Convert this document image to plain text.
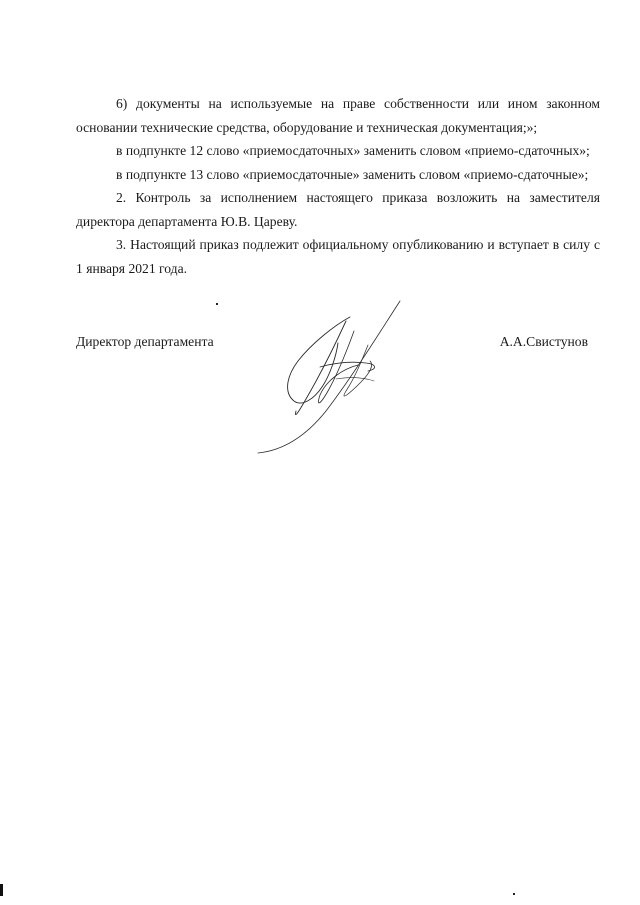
6) документы на используемые на праве собственности или ином законном основании технические средства, оборудование и техническая документация;»;

в подпункте 12 слово «приемосдаточных» заменить словом «приемо-сдаточных»;

в подпункте 13 слово «приемосдаточные» заменить словом «приемо-сдаточные»;

2. Контроль за исполнением настоящего приказа возложить на заместителя директора департамента Ю.В. Цареву.

3. Настоящий приказ подлежит официальному опубликованию и вступает в силу с 1 января 2021 года.

Директор департамента	А.А.Свистунов
